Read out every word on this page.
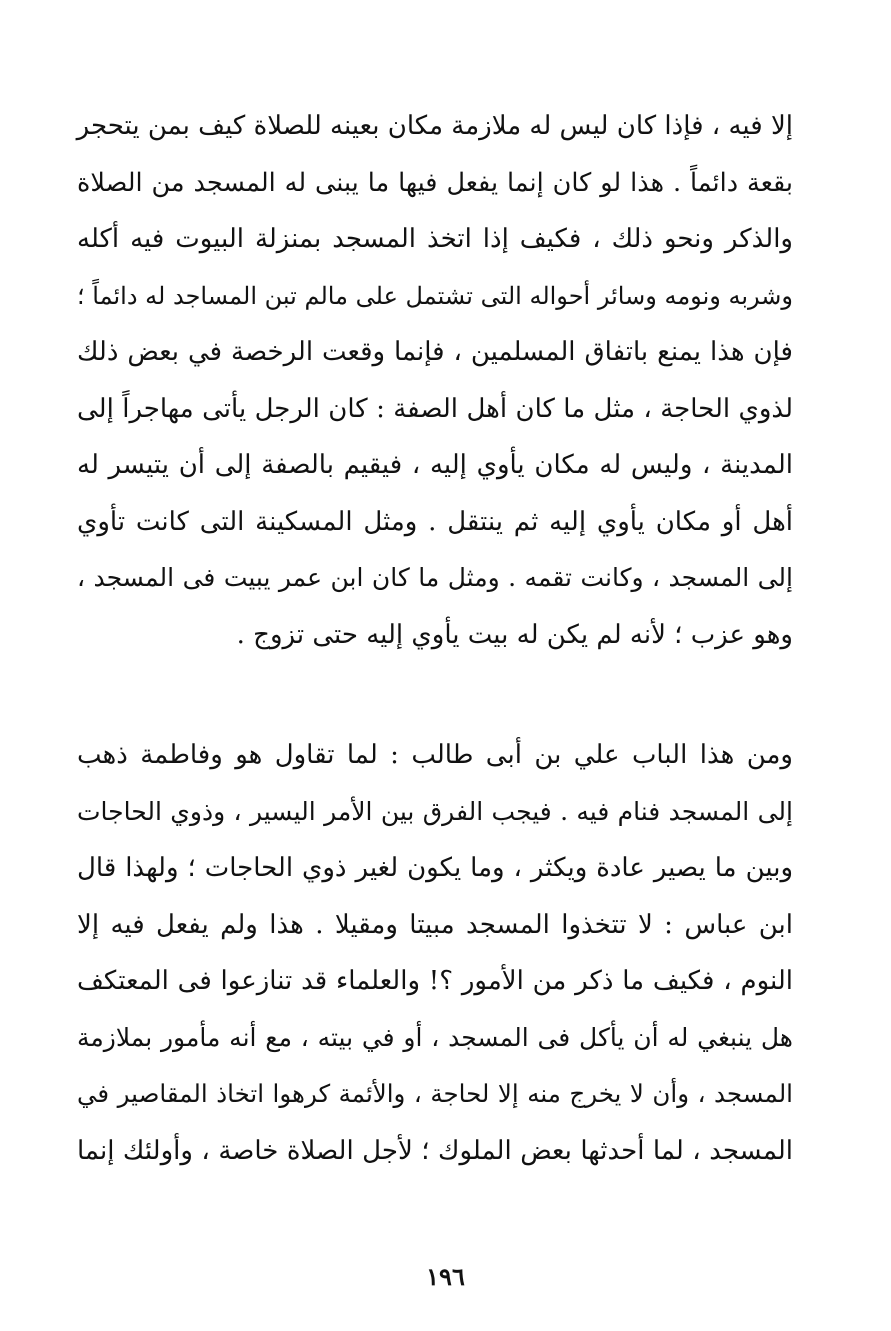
إلا فيه ، فإذا كان ليس له ملازمة مكان بعينه للصلاة كيف بمن يتحجر
بقعة دائماً . هذا لو كان إنما يفعل فيها ما يبنى له المسجد من الصلاة
والذكر ونحو ذلك ، فكيف إذا اتخذ المسجد بمنزلة البيوت فيه أكله
وشربه ونومه وسائر أحواله التى تشتمل على مالم تبن المساجد له دائماً ؛
فإن هذا يمنع باتفاق المسلمين ، فإنما وقعت الرخصة في بعض ذلك
لذوي الحاجة ، مثل ما كان أهل الصفة : كان الرجل يأتى مهاجراً إلى
المدينة ، وليس له مكان يأوي إليه ، فيقيم بالصفة إلى أن يتيسر له
أهل أو مكان يأوي إليه ثم ينتقل . ومثل المسكينة التى كانت تأوي
إلى المسجد ، وكانت تقمه . ومثل ما كان ابن عمر يبيت فى المسجد ،
وهو عزب ؛ لأنه لم يكن له بيت يأوي إليه حتى تزوج .
ومن هذا الباب علي بن أبى طالب : لما تقاول هو وفاطمة ذهب
إلى المسجد فنام فيه . فيجب الفرق بين الأمر اليسير ، وذوي الحاجات
وبين ما يصير عادة ويكثر ، وما يكون لغير ذوي الحاجات ؛ ولهذا قال
ابن عباس : لا تتخذوا المسجد مبيتا ومقيلا . هذا ولم يفعل فيه إلا
النوم ، فكيف ما ذكر من الأمور ؟! والعلماء قد تنازعوا فى المعتكف
هل ينبغي له أن يأكل فى المسجد ، أو في بيته ، مع أنه مأمور بملازمة
المسجد ، وأن لا يخرج منه إلا لحاجة ، والأئمة كرهوا اتخاذ المقاصير في
المسجد ، لما أحدثها بعض الملوك ؛ لأجل الصلاة خاصة ، وأولئك إنما
١٩٦
